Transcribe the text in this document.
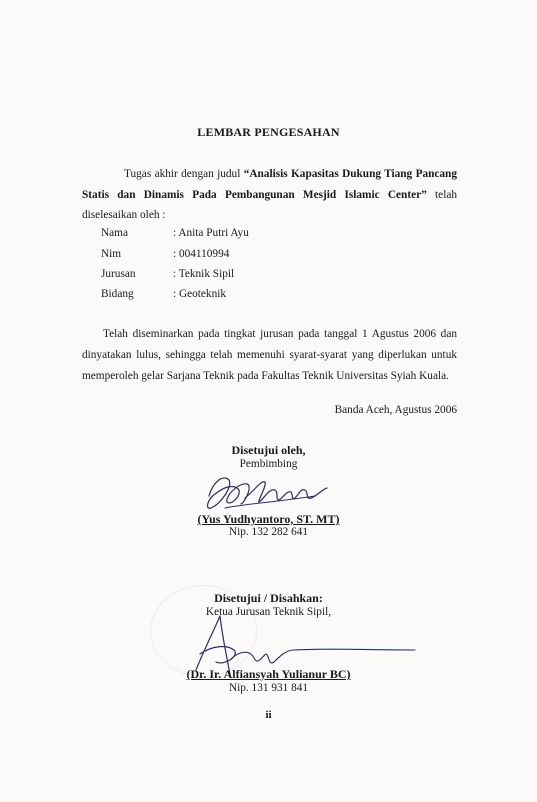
LEMBAR PENGESAHAN
Tugas akhir dengan judul “Analisis Kapasitas Dukung Tiang Pancang
Statis dan Dinamis Pada Pembangunan Mesjid Islamic Center” telah
diselesaikan oleh :
Nama	: Anita Putri Ayu
Nim	: 004110994
Jurusan	: Teknik Sipil
Bidang	: Geoteknik
Telah diseminarkan pada tingkat jurusan pada tanggal 1 Agustus 2006 dan
dinyatakan lulus, sehingga telah memenuhi syarat-syarat yang diperlukan untuk
memperoleh gelar Sarjana Teknik pada Fakultas Teknik Universitas Syiah Kuala.
Banda Aceh, Agustus 2006
Disetujui oleh,
Pembimbing
(Yus Yudhyantoro, ST. MT)
Nip. 132 282 641
Disetujui / Disahkan:
Ketua Jurusan Teknik Sipil,
(Dr. Ir. Alfiansyah Yulianur BC)
Nip. 131 931 841
ii
